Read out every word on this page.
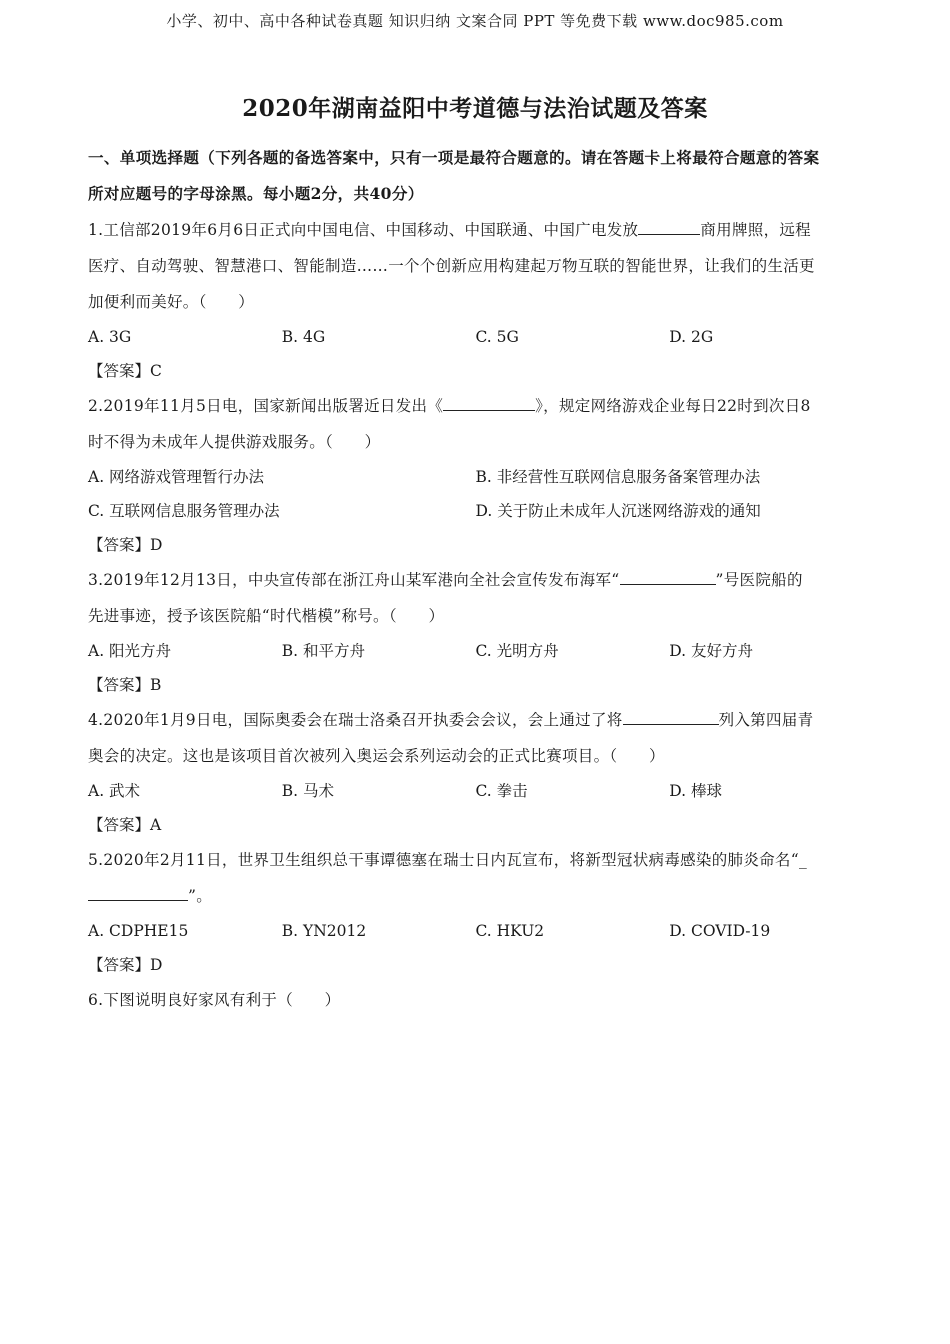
小学、初中、高中各种试卷真题 知识归纳 文案合同 PPT 等免费下载 www.doc985.com
2020年湖南益阳中考道德与法治试题及答案
一、单项选择题（下列各题的备选答案中，只有一项是最符合题意的。请在答题卡上将最符合题意的答案
所对应题号的字母涂黑。每小题2分，共40分）
1.工信部2019年6月6日正式向中国电信、中国移动、中国联通、中国广电发放	商用牌照，远程
医疗、自动驾驶、智慧港口、智能制造……一个个创新应用构建起万物互联的智能世界，让我们的生活更
加便利而美好。（　　）
A. 3G	B. 4G	C. 5G	D. 2G
【答案】C
2.2019年11月5日电，国家新闻出版署近日发出《	》，规定网络游戏企业每日22时到次日8
时不得为未成年人提供游戏服务。（　　）
A. 网络游戏管理暂行办法	B. 非经营性互联网信息服务备案管理办法
C. 互联网信息服务管理办法	D. 关于防止未成年人沉迷网络游戏的通知
【答案】D
3.2019年12月13日，中央宣传部在浙江舟山某军港向全社会宣传发布海军“	”号医院船的
先进事迹，授予该医院船“时代楷模”称号。（　　）
A. 阳光方舟	B. 和平方舟	C. 光明方舟	D. 友好方舟
【答案】B
4.2020年1月9日电，国际奥委会在瑞士洛桑召开执委会会议，会上通过了将	列入第四届青
奥会的决定。这也是该项目首次被列入奥运会系列运动会的正式比赛项目。（　　）
A. 武术	B. 马术	C. 拳击	D. 棒球
【答案】A
5.2020年2月11日，世界卫生组织总干事谭德塞在瑞士日内瓦宣布，将新型冠状病毒感染的肺炎命名“_
”。
A. CDPHE15	B. YN2012	C. HKU2	D. COVID-19
【答案】D
6.下图说明良好家风有利于（　　）
